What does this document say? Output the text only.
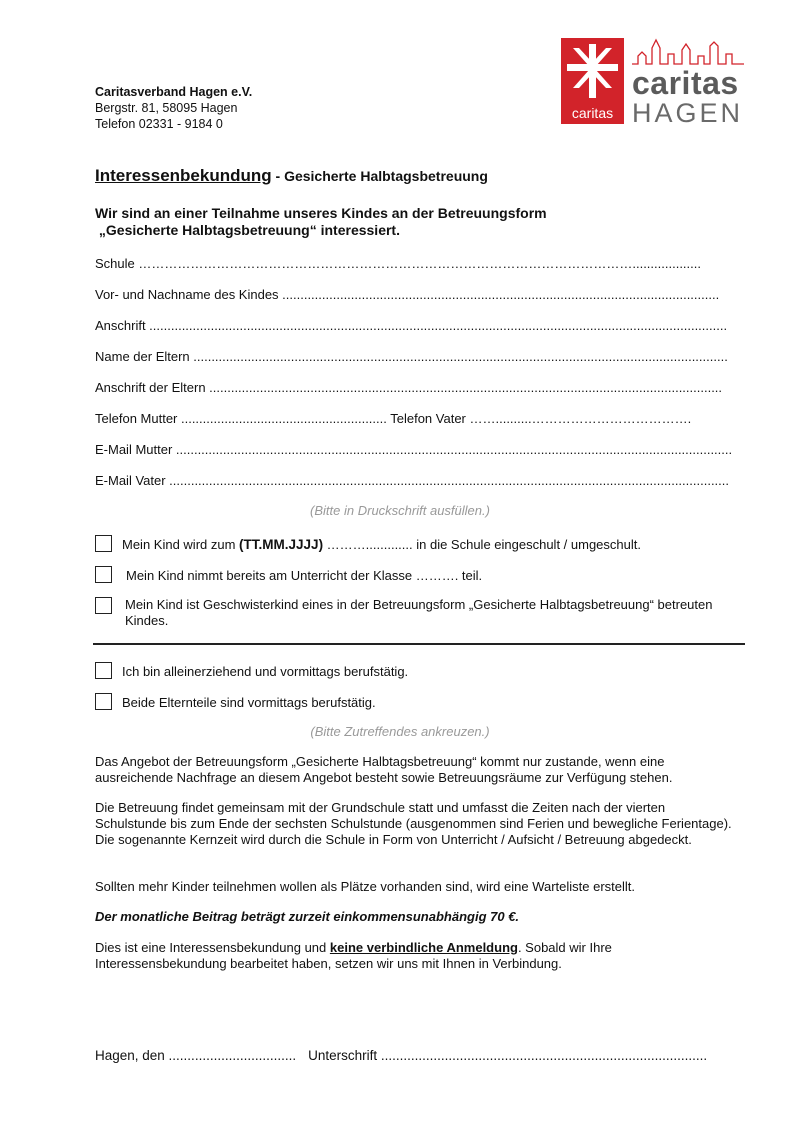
Caritasverband Hagen e.V.
Bergstr. 81, 58095 Hagen
Telefon 02331 - 9184 0
caritas
caritas
HAGEN
Interessenbekundung - Gesicherte Halbtagsbetreuung
Wir sind an einer Teilnahme unseres Kindes an der Betreuungsform
„Gesicherte Halbtagsbetreuung“ interessiert.
Schule ……………………………………………………………………………………………………...................
Vor- und Nachname des Kindes .........................................................................................................................
Anschrift ................................................................................................................................................................
Name der Eltern ....................................................................................................................................................
Anschrift der Eltern ..............................................................................................................................................
Telefon Mutter ......................................................... Telefon Vater ……..........……………………………….
E-Mail Mutter ..........................................................................................................................................................
E-Mail Vater ...........................................................................................................................................................
(Bitte in Druckschrift ausfüllen.)
Mein Kind wird zum (TT.MM.JJJJ) ………............. in die Schule eingeschult / umgeschult.
Mein Kind nimmt bereits am Unterricht der Klasse ………. teil.
Mein Kind ist Geschwisterkind eines in der Betreuungsform „Gesicherte Halbtagsbetreuung“ betreuten Kindes.
Ich bin alleinerziehend und vormittags berufstätig.
Beide Elternteile sind vormittags berufstätig.
(Bitte Zutreffendes ankreuzen.)
Das Angebot der Betreuungsform „Gesicherte Halbtagsbetreuung“ kommt nur zustande, wenn eine ausreichende Nachfrage an diesem Angebot besteht sowie Betreuungsräume zur Verfügung stehen.
Die Betreuung findet gemeinsam mit der Grundschule statt und umfasst die Zeiten nach der vierten Schulstunde bis zum Ende der sechsten Schulstunde (ausgenommen sind Ferien und bewegliche Ferientage). Die sogenannte Kernzeit wird durch die Schule in Form von Unterricht / Aufsicht / Betreuung abgedeckt.
Sollten mehr Kinder teilnehmen wollen als Plätze vorhanden sind, wird eine Warteliste erstellt.
Der monatliche Beitrag beträgt zurzeit einkommensunabhängig 70 €.
Dies ist eine Interessensbekundung und keine verbindliche Anmeldung. Sobald wir Ihre Interessensbekundung bearbeitet haben, setzen wir uns mit Ihnen in Verbindung.
Hagen, den .................................. Unterschrift .......................................................................................
